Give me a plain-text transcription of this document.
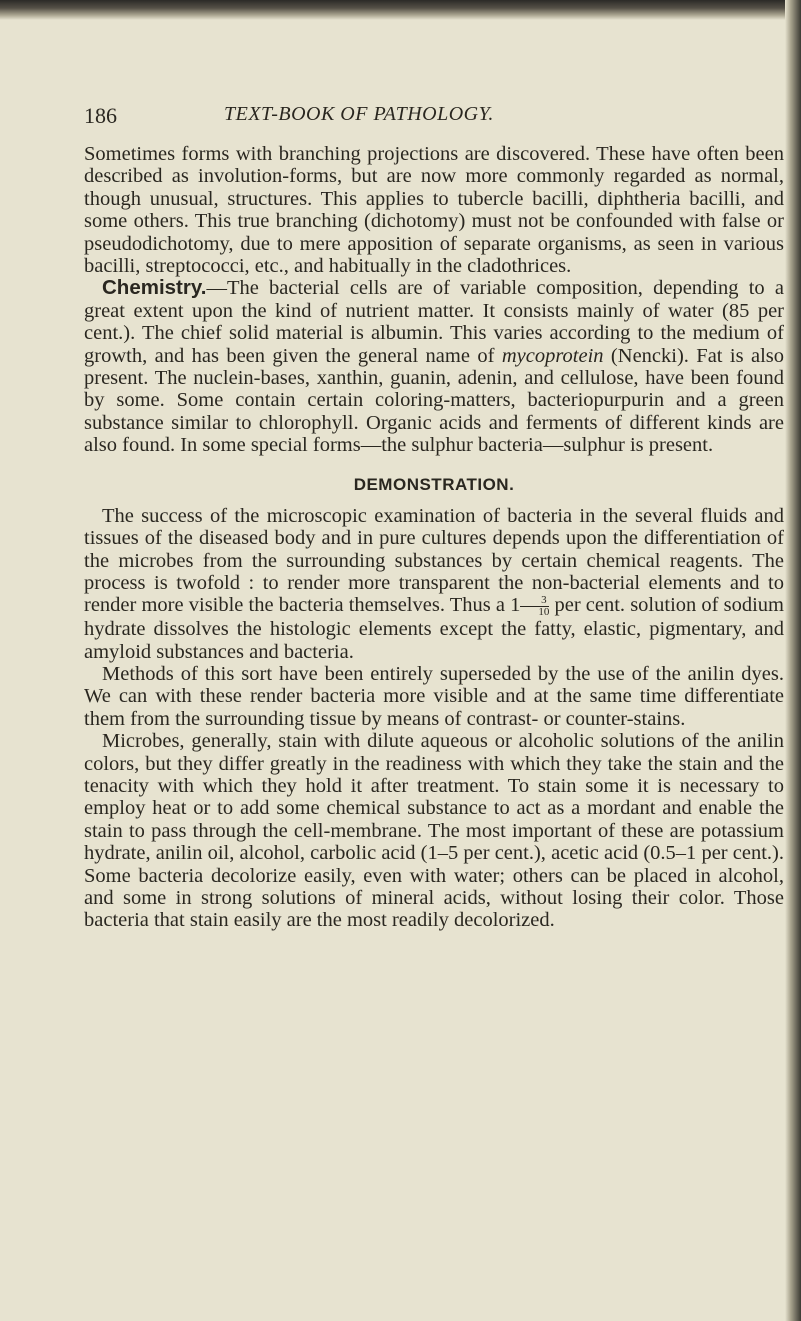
186	TEXT-BOOK OF PATHOLOGY.

Sometimes forms with branching projections are discovered. These have often been described as involution-forms, but are now more commonly regarded as normal, though unusual, structures. This applies to tubercle bacilli, diphtheria bacilli, and some others. This true branching (dichotomy) must not be confounded with false or pseudodichotomy, due to mere apposition of separate organisms, as seen in various bacilli, streptococci, etc., and habitually in the cladothrices.

Chemistry.—The bacterial cells are of variable composition, depending to a great extent upon the kind of nutrient matter. It consists mainly of water (85 per cent.). The chief solid material is albumin. This varies according to the medium of growth, and has been given the general name of mycoprotein (Nencki). Fat is also present. The nuclein-bases, xanthin, guanin, adenin, and cellulose, have been found by some. Some contain certain coloring-matters, bacteriopurpurin and a green substance similar to chlorophyll. Organic acids and ferments of different kinds are also found. In some special forms—the sulphur bacteria—sulphur is present.

DEMONSTRATION.

The success of the microscopic examination of bacteria in the several fluids and tissues of the diseased body and in pure cultures depends upon the differentiation of the microbes from the surrounding substances by certain chemical reagents. The process is twofold : to render more transparent the non-bacterial elements and to render more visible the bacteria themselves. Thus a $1 \frac{3}{10}$ per cent. solution of sodium hydrate dissolves the histologic elements except the fatty, elastic, pigmentary, and amyloid substances and bacteria.

Methods of this sort have been entirely superseded by the use of the anilin dyes. We can with these render bacteria more visible and at the same time differentiate them from the surrounding tissue by means of contrast- or counter-stains.

Microbes, generally, stain with dilute aqueous or alcoholic solutions of the anilin colors, but they differ greatly in the readiness with which they take the stain and the tenacity with which they hold it after treatment. To stain some it is necessary to employ heat or to add some chemical substance to act as a mordant and enable the stain to pass through the cell-membrane. The most important of these are potassium hydrate, anilin oil, alcohol, carbolic acid (1–5 per cent.), acetic acid (0.5–1 per cent.). Some bacteria decolorize easily, even with water; others can be placed in alcohol, and some in strong solutions of mineral acids, without losing their color. Those bacteria that stain easily are the most readily decolorized.
